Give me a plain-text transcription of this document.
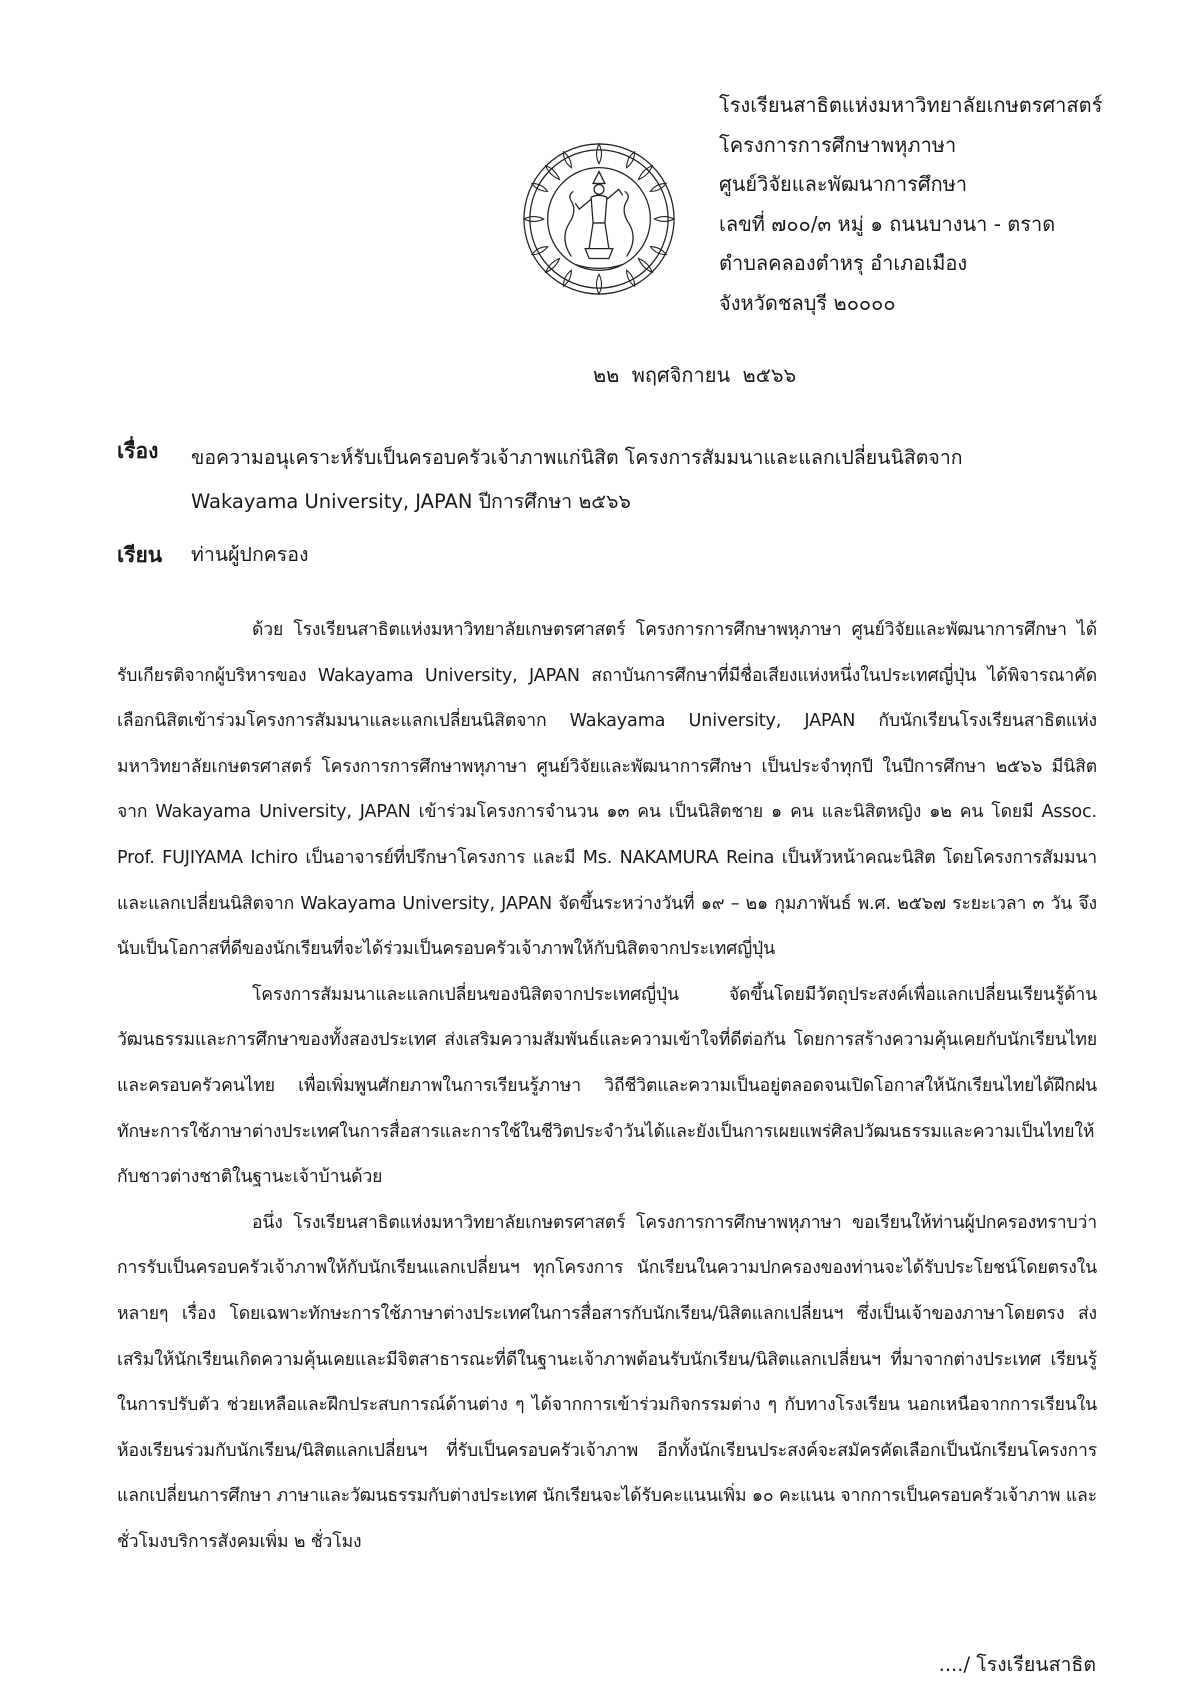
โรงเรียนสาธิตแห่งมหาวิทยาลัยเกษตรศาสตร์
โครงการการศึกษาพหุภาษา
ศูนย์วิจัยและพัฒนาการศึกษา
เลขที่ ๗๐๐/๓ หมู่ ๑ ถนนบางนา - ตราด
ตำบลคลองตำหรุ อำเภอเมือง
จังหวัดชลบุรี ๒๐๐๐๐
๒๒ พฤศจิกายน ๒๕๖๖
เรื่อง ขอความอนุเคราะห์รับเป็นครอบครัวเจ้าภาพแก่นิสิต โครงการสัมมนาและแลกเปลี่ยนนิสิตจาก
Wakayama University, JAPAN ปีการศึกษา ๒๕๖๖
เรียน ท่านผู้ปกครอง

ด้วย โรงเรียนสาธิตแห่งมหาวิทยาลัยเกษตรศาสตร์ โครงการการศึกษาพหุภาษา ศูนย์วิจัยและพัฒนาการศึกษา ได้รับเกียรติจากผู้บริหารของ Wakayama University, JAPAN สถาบันการศึกษาที่มีชื่อเสียงแห่งหนึ่งในประเทศญี่ปุ่น ได้พิจารณาคัดเลือกนิสิตเข้าร่วมโครงการสัมมนาและแลกเปลี่ยนนิสิตจาก Wakayama University, JAPAN กับนักเรียนโรงเรียนสาธิตแห่งมหาวิทยาลัยเกษตรศาสตร์ โครงการการศึกษาพหุภาษา ศูนย์วิจัยและพัฒนาการศึกษา เป็นประจำทุกปี ในปีการศึกษา ๒๕๖๖ มีนิสิตจาก Wakayama University, JAPAN เข้าร่วมโครงการจำนวน ๑๓ คน เป็นนิสิตชาย ๑ คน และนิสิตหญิง ๑๒ คน โดยมี Assoc. Prof. FUJIYAMA Ichiro เป็นอาจารย์ที่ปรึกษาโครงการ และมี Ms. NAKAMURA Reina เป็นหัวหน้าคณะนิสิต โดยโครงการสัมมนาและแลกเปลี่ยนนิสิตจาก Wakayama University, JAPAN จัดขึ้นระหว่างวันที่ ๑๙ – ๒๑ กุมภาพันธ์ พ.ศ. ๒๕๖๗ ระยะเวลา ๓ วัน จึงนับเป็นโอกาสที่ดีของนักเรียนที่จะได้ร่วมเป็นครอบครัวเจ้าภาพให้กับนิสิตจากประเทศญี่ปุ่น

โครงการสัมมนาและแลกเปลี่ยนของนิสิตจากประเทศญี่ปุ่น จัดขึ้นโดยมีวัตถุประสงค์เพื่อแลกเปลี่ยนเรียนรู้ด้านวัฒนธรรมและการศึกษาของทั้งสองประเทศ ส่งเสริมความสัมพันธ์และความเข้าใจที่ดีต่อกัน โดยการสร้างความคุ้นเคยกับนักเรียนไทยและครอบครัวคนไทย เพื่อเพิ่มพูนศักยภาพในการเรียนรู้ภาษา วิถีชีวิตและความเป็นอยู่ตลอดจนเปิดโอกาสให้นักเรียนไทยได้ฝึกฝนทักษะการใช้ภาษาต่างประเทศในการสื่อสารและการใช้ในชีวิตประจำวันได้และยังเป็นการเผยแพร่ศิลปวัฒนธรรมและความเป็นไทยให้กับชาวต่างชาติในฐานะเจ้าบ้านด้วย

อนึ่ง โรงเรียนสาธิตแห่งมหาวิทยาลัยเกษตรศาสตร์ โครงการการศึกษาพหุภาษา ขอเรียนให้ท่านผู้ปกครองทราบว่า การรับเป็นครอบครัวเจ้าภาพให้กับนักเรียนแลกเปลี่ยนฯ ทุกโครงการ นักเรียนในความปกครองของท่านจะได้รับประโยชน์โดยตรงในหลายๆ เรื่อง โดยเฉพาะทักษะการใช้ภาษาต่างประเทศในการสื่อสารกับนักเรียน/นิสิตแลกเปลี่ยนฯ ซึ่งเป็นเจ้าของภาษาโดยตรง ส่งเสริมให้นักเรียนเกิดความคุ้นเคยและมีจิตสาธารณะที่ดีในฐานะเจ้าภาพต้อนรับนักเรียน/นิสิตแลกเปลี่ยนฯ ที่มาจากต่างประเทศ เรียนรู้ในการปรับตัว ช่วยเหลือและฝึกประสบการณ์ด้านต่าง ๆ ได้จากการเข้าร่วมกิจกรรมต่าง ๆ กับทางโรงเรียน นอกเหนือจากการเรียนในห้องเรียนร่วมกับนักเรียน/นิสิตแลกเปลี่ยนฯ ที่รับเป็นครอบครัวเจ้าภาพ อีกทั้งนักเรียนประสงค์จะสมัครคัดเลือกเป็นนักเรียนโครงการแลกเปลี่ยนการศึกษา ภาษาและวัฒนธรรมกับต่างประเทศ นักเรียนจะได้รับคะแนนเพิ่ม ๑๐ คะแนน จากการเป็นครอบครัวเจ้าภาพ และชั่วโมงบริการสังคมเพิ่ม ๒ ชั่วโมง

..../ โรงเรียนสาธิต
